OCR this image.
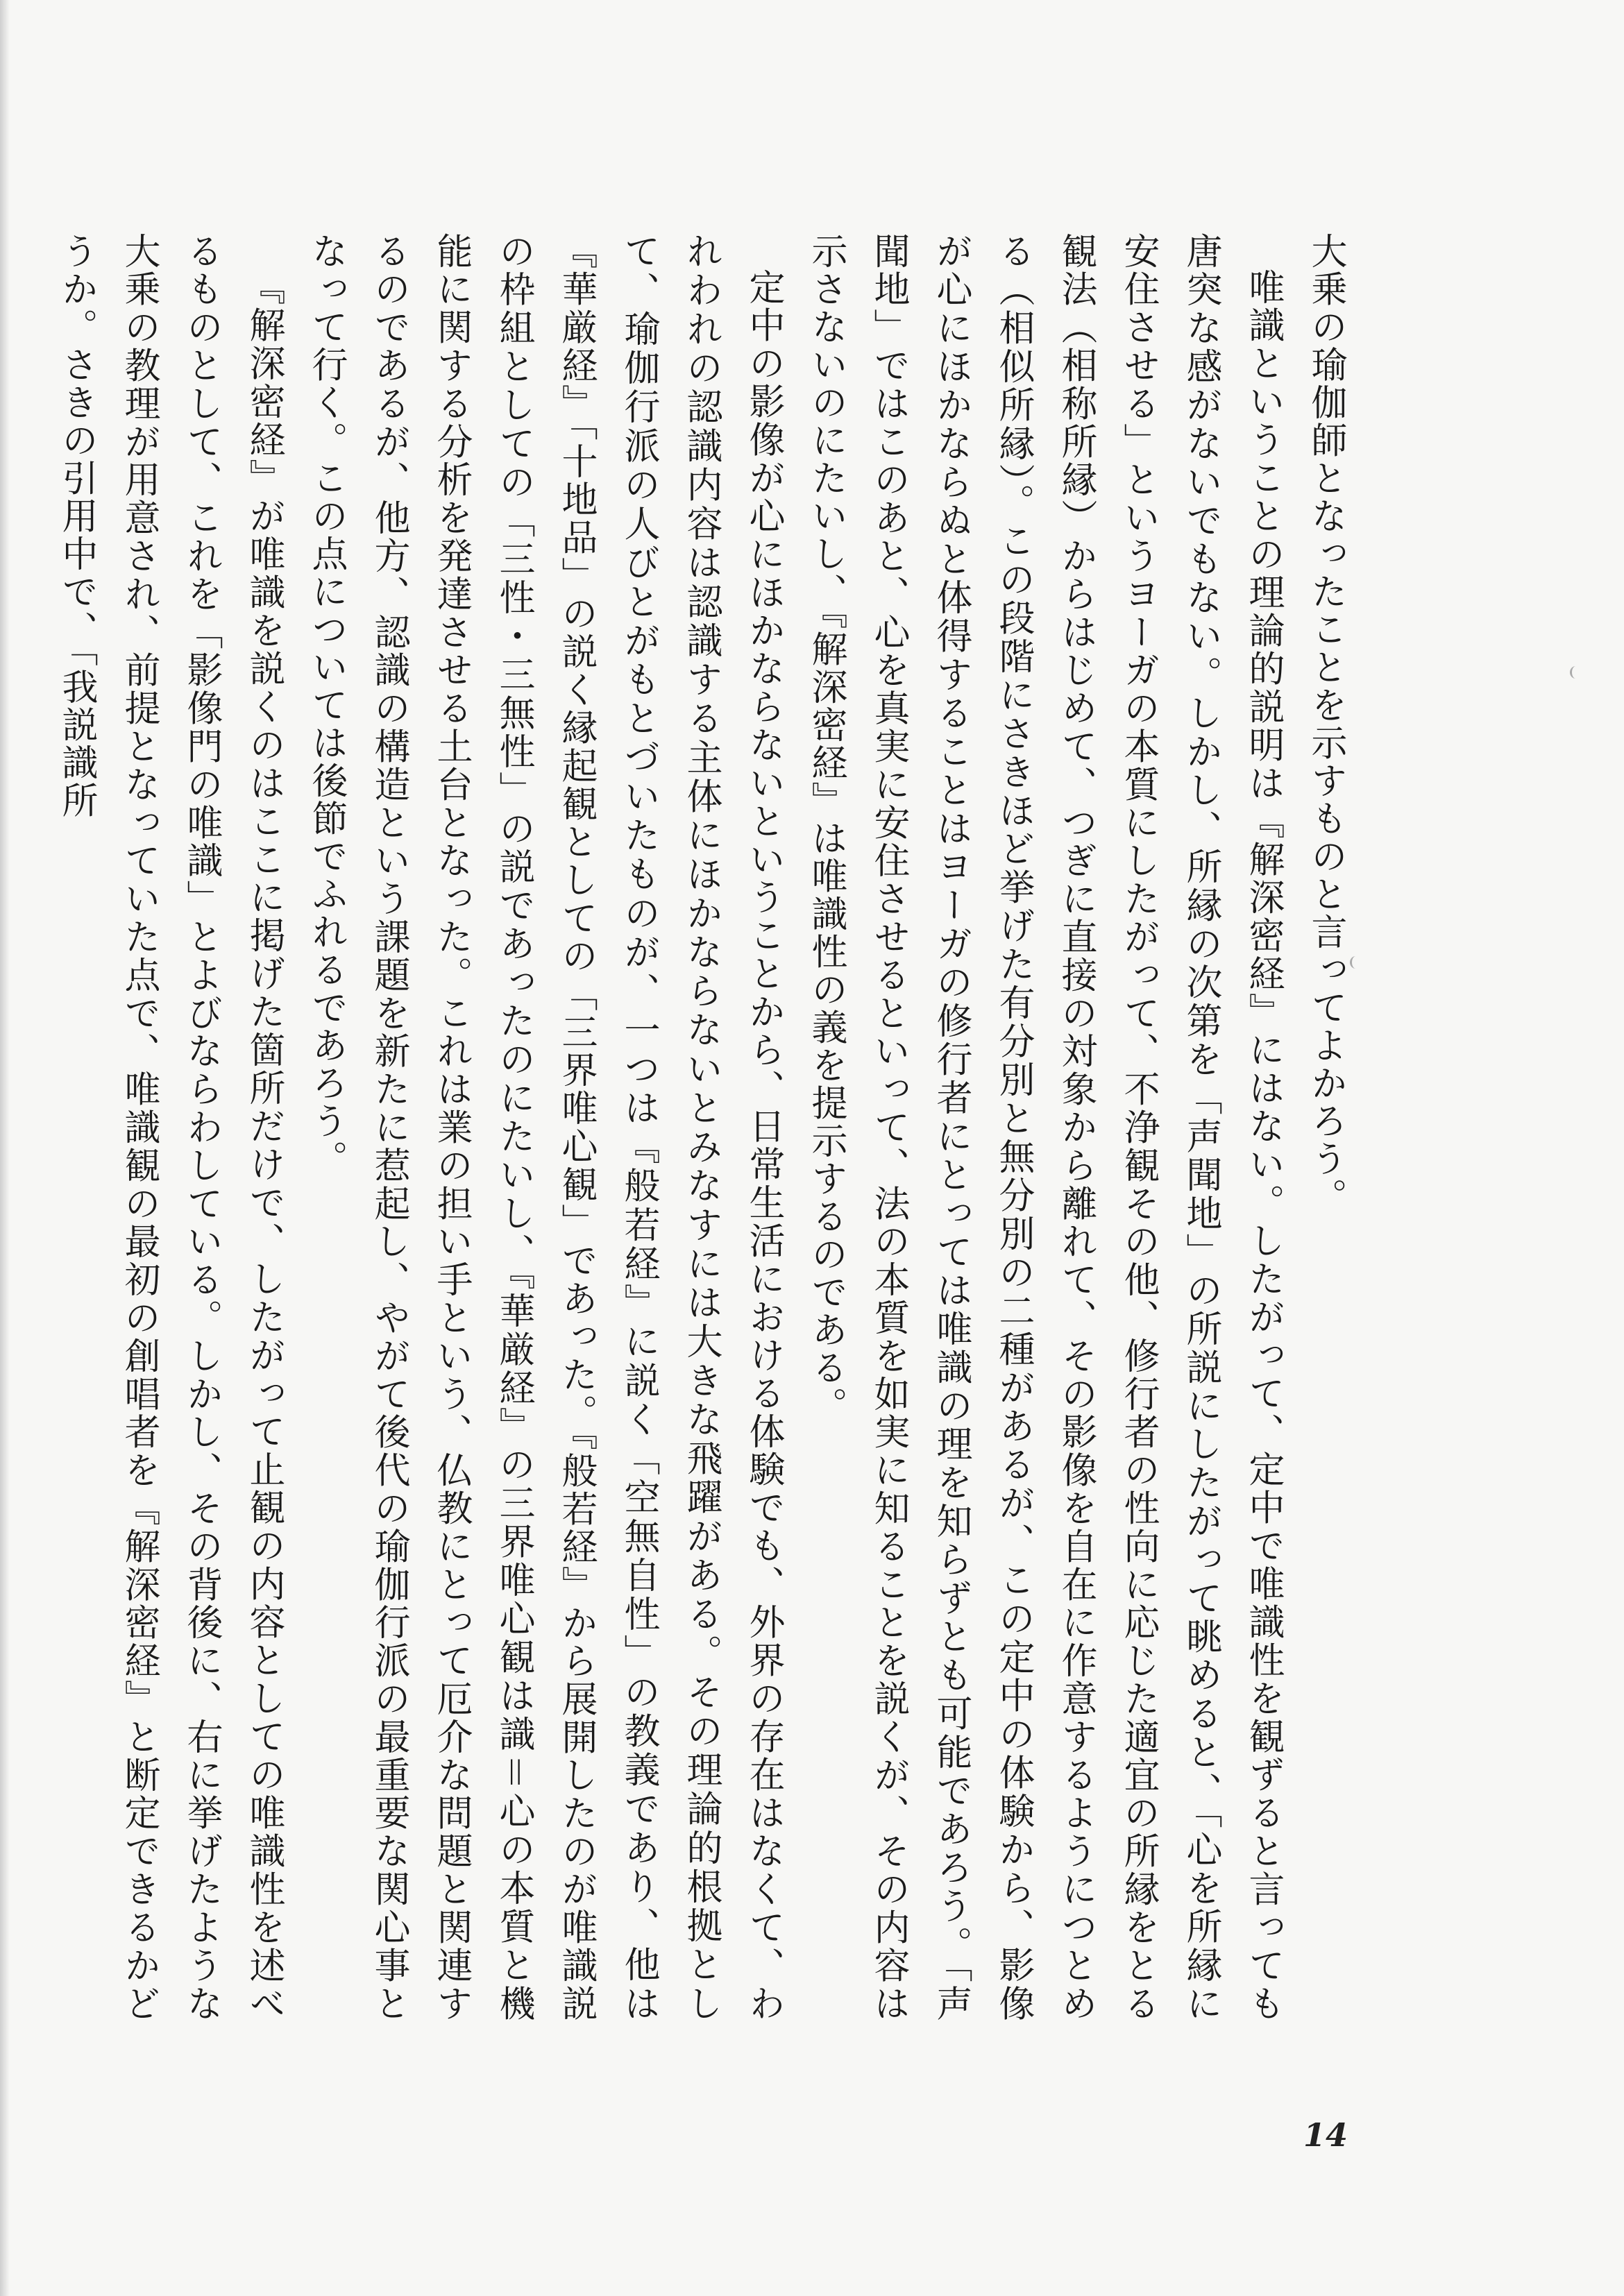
大乗の瑜伽師となったことを示すものと言ってよかろう。

唯識ということの理論的説明は『解深密経』にはない。したがって、定中で唯識性を観ずると言っても唐突な感がないでもない。しかし、所縁の次第を「声聞地」の所説にしたがって眺めると、「心を所縁に安住させる」というヨーガの本質にしたがって、不浄観その他、修行者の性向に応じた適宜の所縁をとる観法（相称所縁）からはじめて、つぎに直接の対象から離れて、その影像を自在に作意するようにつとめる（相似所縁）。この段階にさきほど挙げた有分別と無分別の二種があるが、この定中の体験から、影像が心にほかならぬと体得することはヨーガの修行者にとっては唯識の理を知らずとも可能であろう。「声聞地」ではこのあと、心を真実に安住させるといって、法の本質を如実に知ることを説くが、その内容は示さないのにたいし、『解深密経』は唯識性の義を提示するのである。

定中の影像が心にほかならないということから、日常生活における体験でも、外界の存在はなくて、われわれの認識内容は認識する主体にほかならないとみなすには大きな飛躍がある。その理論的根拠として、瑜伽行派の人びとがもとづいたものが、一つは『般若経』に説く「空無自性」の教義であり、他は『華厳経』「十地品」の説く縁起観としての「三界唯心観」であった。『般若経』から展開したのが唯識説の枠組としての「三性・三無性」の説であったのにたいし、『華厳経』の三界唯心観は識＝心の本質と機能に関する分析を発達させる土台となった。これは業の担い手という、仏教にとって厄介な問題と関連するのであるが、他方、認識の構造という課題を新たに惹起し、やがて後代の瑜伽行派の最重要な関心事となって行く。この点については後節でふれるであろう。

『解深密経』が唯識を説くのはここに掲げた箇所だけで、したがって止観の内容としての唯識性を述べるものとして、これを「影像門の唯識」とよびならわしている。しかし、その背後に、右に挙げたような大乗の教理が用意され、前提となっていた点で、唯識観の最初の創唱者を『解深密経』と断定できるかどうか。さきの引用中で、「我説識所

14
